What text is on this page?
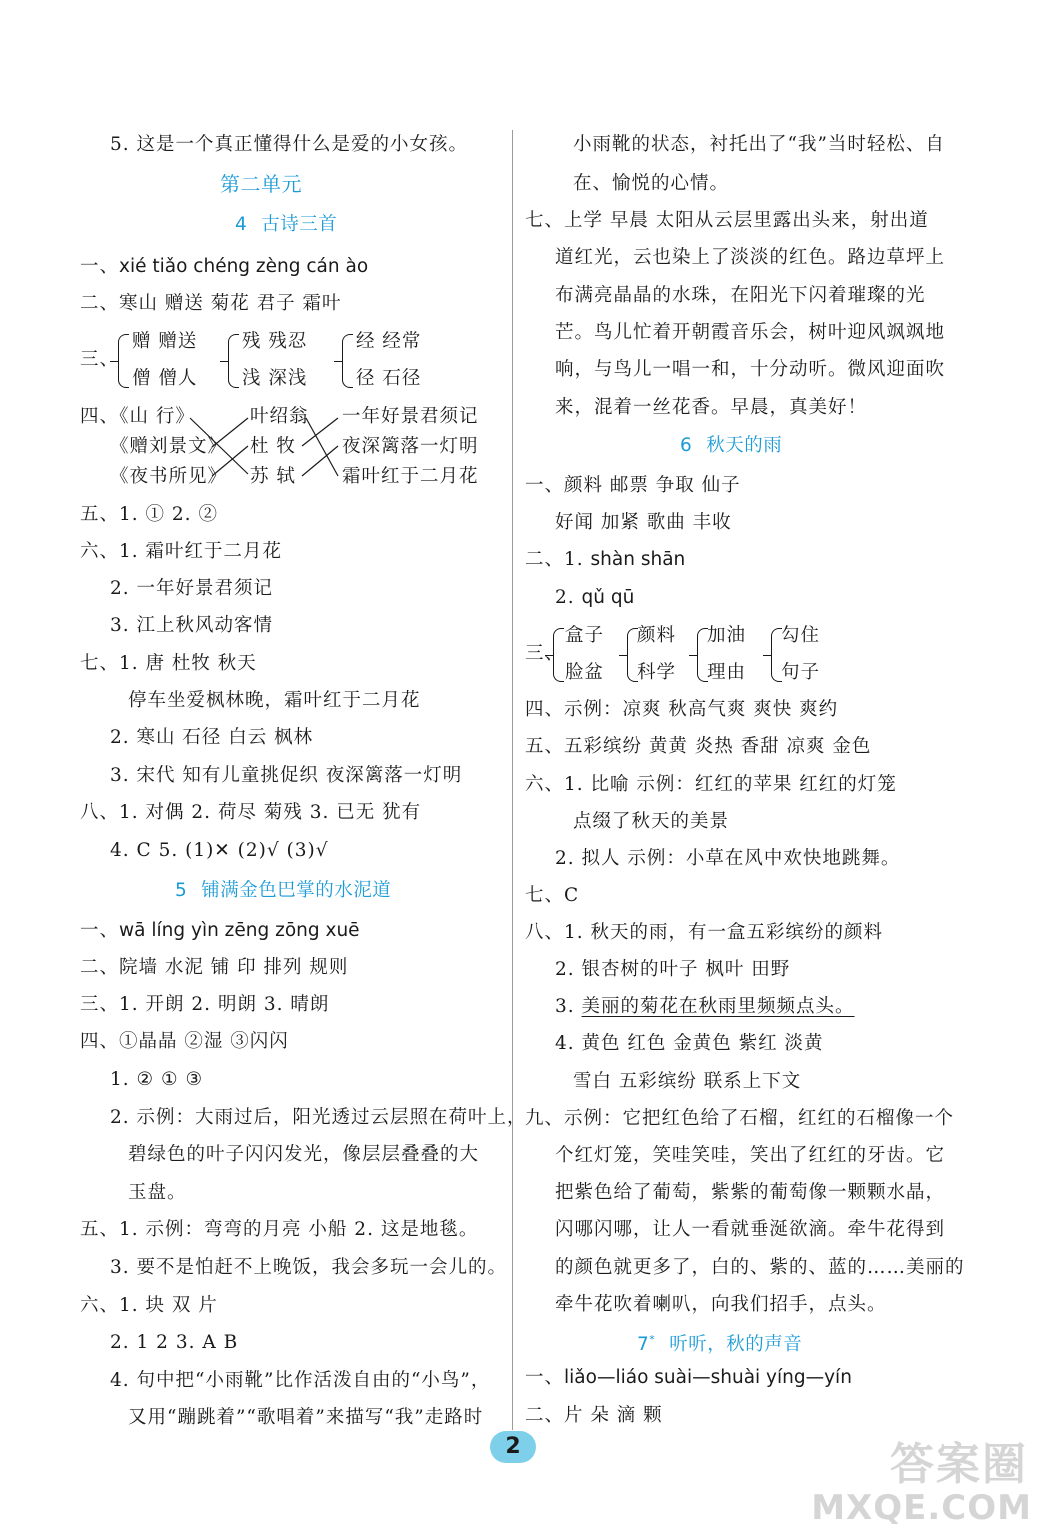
5. 这是一个真正懂得什么是爱的小女孩。
第二单元
4 古诗三首
一、xié tiǎo chéng zèng cán ào
二、寒山 赠送 菊花 君子 霜叶
三、
赠 赠送
僧 僧人
残 残忍
浅 深浅
经 经常
径 石径
四、
《山 行》
《赠刘景文》
《夜书所见》
叶绍翁
杜 牧
苏 轼
一年好景君须记
夜深篱落一灯明
霜叶红于二月花
五、1. ① 2. ②
六、1. 霜叶红于二月花
2. 一年好景君须记
3. 江上秋风动客情
七、1. 唐 杜牧 秋天
停车坐爱枫林晚，霜叶红于二月花
2. 寒山 石径 白云 枫林
3. 宋代 知有儿童挑促织 夜深篱落一灯明
八、1. 对偶 2. 荷尽 菊残 3. 已无 犹有
4. C 5. (1)✕ (2)√ (3)√
5 铺满金色巴掌的水泥道
一、wā líng yìn zēng zōng xuē
二、院墙 水泥 铺 印 排列 规则
三、1. 开朗 2. 明朗 3. 晴朗
四、①晶晶 ②湿 ③闪闪
1. ② ① ③
2. 示例：大雨过后，阳光透过云层照在荷叶上，
碧绿色的叶子闪闪发光，像层层叠叠的大
玉盘。
五、1. 示例：弯弯的月亮 小船 2. 这是地毯。
3. 要不是怕赶不上晚饭，我会多玩一会儿的。
六、1. 块 双 片
2. 1 2 3. A B
4. 句中把“小雨靴”比作活泼自由的“小鸟”，
又用“蹦跳着”“歌唱着”来描写“我”走路时
小雨靴的状态，衬托出了“我”当时轻松、自
在、愉悦的心情。
七、上学 早晨 太阳从云层里露出头来，射出道
道红光，云也染上了淡淡的红色。路边草坪上
布满亮晶晶的水珠，在阳光下闪着璀璨的光
芒。鸟儿忙着开朝霞音乐会，树叶迎风飒飒地
响，与鸟儿一唱一和，十分动听。微风迎面吹
来，混着一丝花香。早晨，真美好！
6 秋天的雨
一、颜料 邮票 争取 仙子
好闻 加紧 歌曲 丰收
二、1. shàn shān
2. qǔ qū
三、
盒子
脸盆
颜料
科学
加油
理由
勾住
句子
四、示例：凉爽 秋高气爽 爽快 爽约
五、五彩缤纷 黄黄 炎热 香甜 凉爽 金色
六、1. 比喻 示例：红红的苹果 红红的灯笼
点缀了秋天的美景
2. 拟人 示例：小草在风中欢快地跳舞。
七、C
八、1. 秋天的雨，有一盒五彩缤纷的颜料
2. 银杏树的叶子 枫叶 田野
3. 美丽的菊花在秋雨里频频点头。
4. 黄色 红色 金黄色 紫红 淡黄
雪白 五彩缤纷 联系上下文
九、示例：它把红色给了石榴，红红的石榴像一个
个红灯笼，笑哇笑哇，笑出了红红的牙齿。它
把紫色给了葡萄，紫紫的葡萄像一颗颗水晶，
闪哪闪哪，让人一看就垂涎欲滴。牵牛花得到
的颜色就更多了，白的、紫的、蓝的……美丽的
牵牛花吹着喇叭，向我们招手，点头。
7* 听听，秋的声音
一、liǎo—liáo suài—shuài yíng—yín
二、片 朵 滴 颗
2	答案圈
MXQE.COM
